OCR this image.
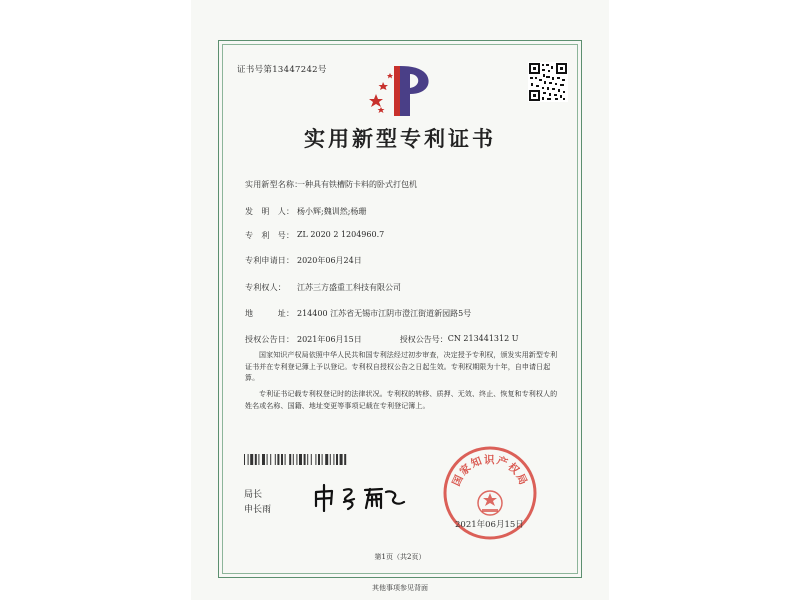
证书号第13447242号
实用新型专利证书
实用新型名称：
一种具有铁槽防卡料的卧式打包机
发　明　人： 杨小辉;魏训然;杨珊
专　利　号： ZL 2020 2 1204960.7
专利申请日： 2020年06月24日
专利权人：	江苏三方盛重工科技有限公司
地　　　址： 214400 江苏省无锡市江阴市澄江街道新园路5号
授权公告日： 2021年06月15日	授权公告号： CN 213441312 U
国家知识产权局依照中华人民共和国专利法经过初步审查，决定授予专利权，颁发实用新型专利证书并在专利登记簿上予以登记。专利权自授权公告之日起生效。专利权期限为十年，自申请日起算。
专利证书记载专利权登记时的法律状况。专利权的转移、质押、无效、终止、恢复和专利权人的姓名或名称、国籍、地址变更等事项记载在专利登记簿上。
局长
申长雨
国家知识产权局
2021年06月15日
第1页（共2页）
其他事项参见背面
